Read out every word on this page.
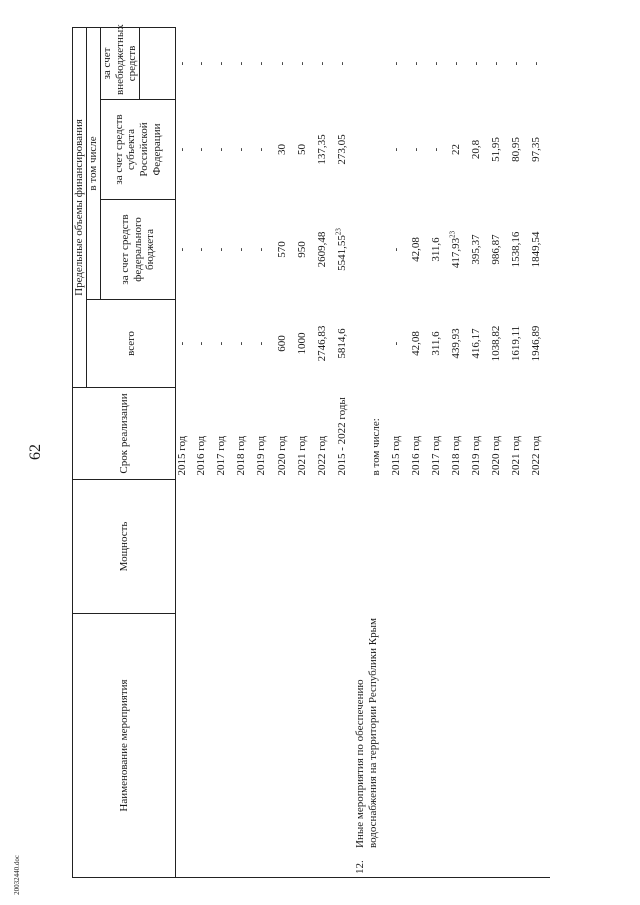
62
20032440.doc
Наименование мероприятия		Мощность	Срок реализации	Предельные объемы финансирования			
				всего	в том числе		
					за счет средств федерального бюджета	за счет средств субъекта Российской Федерации	за счет внебюджетных средств

			2015 год	-	-	-	-
			2016 год	-	-	-	-
			2017 год	-	-	-	-
			2018 год	-	-	-	-
			2019 год	-	-	-	-
			2020 год	600	570	30	-
			2021 год	1000	950	50	-
			2022 год	2746,83	2609,48	137,35	-
			2015 - 2022 годы	5814,6	5541,55$^{23}$	273,05	-
			в том числе:				
			2015 год	-	-	-	-
			2016 год	42,08	42,08	-	-
			2017 год	311,6	311,6	-	-
			2018 год	439,93	417,93$^{23}$	22	-
			2019 год	416,17	395,37	20,8	-
			2020 год	1038,82	986,87	51,95	-
			2021 год	1619,11	1538,16	80,95	-
			2022 год	1946,89	1849,54	97,35	-
12.
Иные мероприятия по обеспечению водоснабжения на территории Республики Крым
